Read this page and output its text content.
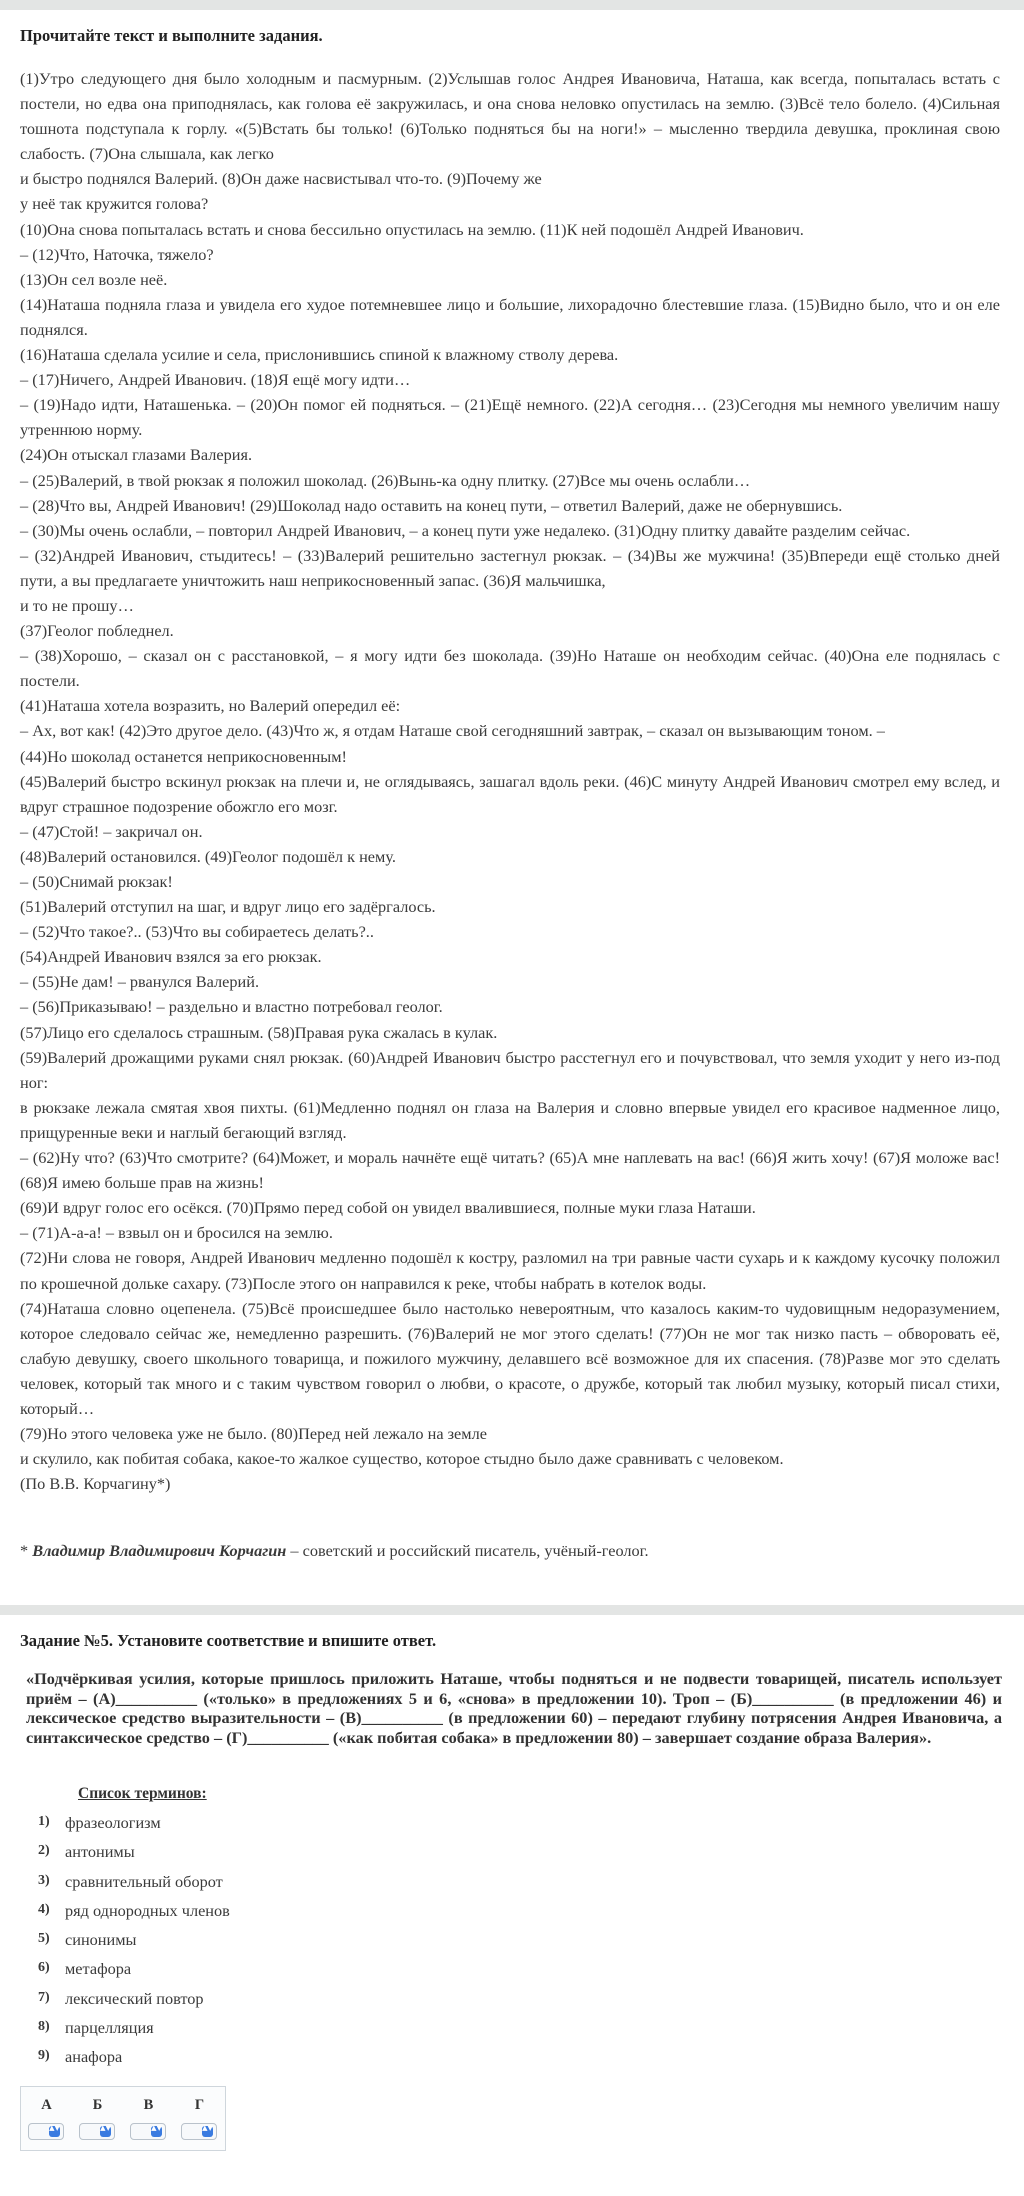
Прочитайте текст и выполните задания.
(1)Утро следующего дня было холодным и пасмурным. (2)Услышав голос Андрея Ивановича, Наташа, как всегда, попыталась встать с постели, но едва она приподнялась, как голова её закружилась, и она снова неловко опустилась на землю. (3)Всё тело болело. (4)Сильная тошнота подступала к горлу. «(5)Встать бы только! (6)Только подняться бы на ноги!» – мысленно твердила девушка, проклиная свою слабость. (7)Она слышала, как легко
и быстро поднялся Валерий. (8)Он даже насвистывал что-то. (9)Почему же
у неё так кружится голова?
(10)Она снова попыталась встать и снова бессильно опустилась на землю. (11)К ней подошёл Андрей Иванович.
– (12)Что, Наточка, тяжело?
(13)Он сел возле неё.
(14)Наташа подняла глаза и увидела его худое потемневшее лицо и большие, лихорадочно блестевшие глаза. (15)Видно было, что и он еле поднялся.
(16)Наташа сделала усилие и села, прислонившись спиной к влажному стволу дерева.
– (17)Ничего, Андрей Иванович. (18)Я ещё могу идти…
– (19)Надо идти, Наташенька. – (20)Он помог ей подняться. – (21)Ещё немного. (22)А сегодня… (23)Сегодня мы немного увеличим нашу утреннюю норму.
(24)Он отыскал глазами Валерия.
– (25)Валерий, в твой рюкзак я положил шоколад. (26)Вынь-ка одну плитку. (27)Все мы очень ослабли…
– (28)Что вы, Андрей Иванович! (29)Шоколад надо оставить на конец пути, – ответил Валерий, даже не обернувшись.
– (30)Мы очень ослабли, – повторил Андрей Иванович, – а конец пути уже недалеко. (31)Одну плитку давайте разделим сейчас.
– (32)Андрей Иванович, стыдитесь! – (33)Валерий решительно застегнул рюкзак. – (34)Вы же мужчина! (35)Впереди ещё столько дней пути, а вы предлагаете уничтожить наш неприкосновенный запас. (36)Я мальчишка,
и то не прошу…
(37)Геолог побледнел.
– (38)Хорошо, – сказал он с расстановкой, – я могу идти без шоколада. (39)Но Наташе он необходим сейчас. (40)Она еле поднялась с постели.
(41)Наташа хотела возразить, но Валерий опередил её:
– Ах, вот как! (42)Это другое дело. (43)Что ж, я отдам Наташе свой сегодняшний завтрак, – сказал он вызывающим тоном. –
(44)Но шоколад останется неприкосновенным!
(45)Валерий быстро вскинул рюкзак на плечи и, не оглядываясь, зашагал вдоль реки. (46)С минуту Андрей Иванович смотрел ему вслед, и вдруг страшное подозрение обожгло его мозг.
– (47)Стой! – закричал он.
(48)Валерий остановился. (49)Геолог подошёл к нему.
– (50)Снимай рюкзак!
(51)Валерий отступил на шаг, и вдруг лицо его задёргалось.
– (52)Что такое?.. (53)Что вы собираетесь делать?..
(54)Андрей Иванович взялся за его рюкзак.
– (55)Не дам! – рванулся Валерий.
– (56)Приказываю! – раздельно и властно потребовал геолог.
(57)Лицо его сделалось страшным. (58)Правая рука сжалась в кулак.
(59)Валерий дрожащими руками снял рюкзак. (60)Андрей Иванович быстро расстегнул его и почувствовал, что земля уходит у него из-под ног:
в рюкзаке лежала смятая хвоя пихты. (61)Медленно поднял он глаза на Валерия и словно впервые увидел его красивое надменное лицо, прищуренные веки и наглый бегающий взгляд.
– (62)Ну что? (63)Что смотрите? (64)Может, и мораль начнёте ещё читать? (65)А мне наплевать на вас! (66)Я жить хочу! (67)Я моложе вас! (68)Я имею больше прав на жизнь!
(69)И вдруг голос его осёкся. (70)Прямо перед собой он увидел ввалившиеся, полные муки глаза Наташи.
– (71)А-а-а! – взвыл он и бросился на землю.
(72)Ни слова не говоря, Андрей Иванович медленно подошёл к костру, разломил на три равные части сухарь и к каждому кусочку положил по крошечной дольке сахару. (73)После этого он направился к реке, чтобы набрать в котелок воды.
(74)Наташа словно оцепенела. (75)Всё происшедшее было настолько невероятным, что казалось каким-то чудовищным недоразумением, которое следовало сейчас же, немедленно разрешить. (76)Валерий не мог этого сделать! (77)Он не мог так низко пасть – обворовать её, слабую девушку, своего школьного товарища, и пожилого мужчину, делавшего всё возможное для их спасения. (78)Разве мог это сделать человек, который так много и с таким чувством говорил о любви, о красоте, о дружбе, который так любил музыку, который писал стихи, который…
(79)Но этого человека уже не было. (80)Перед ней лежало на земле
и скулило, как побитая собака, какое-то жалкое существо, которое стыдно было даже сравнивать с человеком.
(По В.В. Корчагину*)
* Владимир Владимирович Корчагин – советский и российский писатель, учёный-геолог.
Задание №5. Установите соответствие и впишите ответ.
«Подчёркивая усилия, которые пришлось приложить Наташе, чтобы подняться и не подвести товарищей, писатель использует приём – (А)__________ («только» в предложениях 5 и 6, «снова» в предложении 10). Троп – (Б)__________ (в предложении 46) и лексическое средство выразительности – (В)__________ (в предложении 60) – передают глубину потрясения Андрея Ивановича, а синтаксическое средство – (Г)__________ («как побитая собака» в предложении 80) – завершает создание образа Валерия».
Список терминов:
1) фразеологизм
2) антонимы
3) сравнительный оборот
4) ряд однородных членов
5) синонимы
6) метафора
7) лексический повтор
8) парцелляция
9) анафора
А
▲▼
Б
▲▼
В
▲▼
Г
▲▼
